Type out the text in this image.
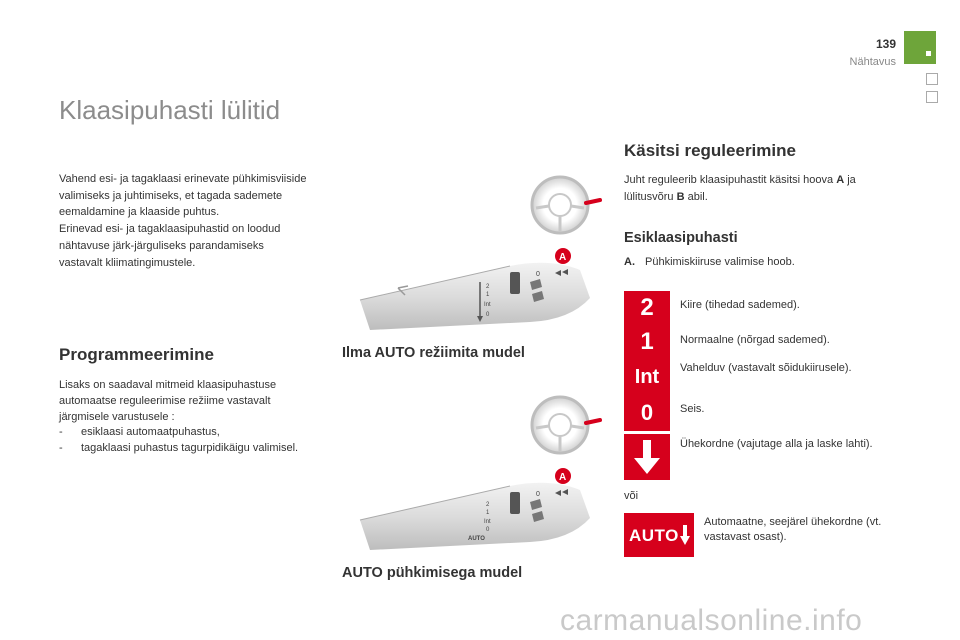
139
Nähtavus
Klaasipuhasti lülitid

Vahend esi- ja tagaklaasi erinevate pühkimisviiside valimiseks ja juhtimiseks, et tagada sademete eemaldamine ja klaaside puhtus.

Erinevad esi- ja tagaklaasipuhastid on loodud nähtavuse järk-järguliseks parandamiseks vastavalt kliimatingimustele.

Programmeerimine

Lisaks on saadaval mitmeid klaasipuhastuse automaatse reguleerimise režiime vastavalt järgmisele varustusele :

- esiklaasi automaatpuhastus,
- tagaklaasi puhastus tagurpidikäigu valimisel.
0
2
1
Int
0
A
Ilma AUTO režiimita mudel
0
2
1
Int
0
AUTO
A
AUTO pühkimisega mudel
Käsitsi reguleerimine
Juht reguleerib klaasipuhastit käsitsi hoova A ja lülitusvõru B abil.
Esiklaasipuhasti
A. Pühkimiskiiruse valimise hoob.
2
1
Int
0
Kiire (tihedad sademed).
Normaalne (nõrgad sademed).
Vahelduv (vastavalt sõidukiirusele).
Seis.
Ühekordne (vajutage alla ja laske lahti).
või
AUTO
Automaatne, seejärel ühekordne (vt. vastavast osast).
carmanualsonline.info
